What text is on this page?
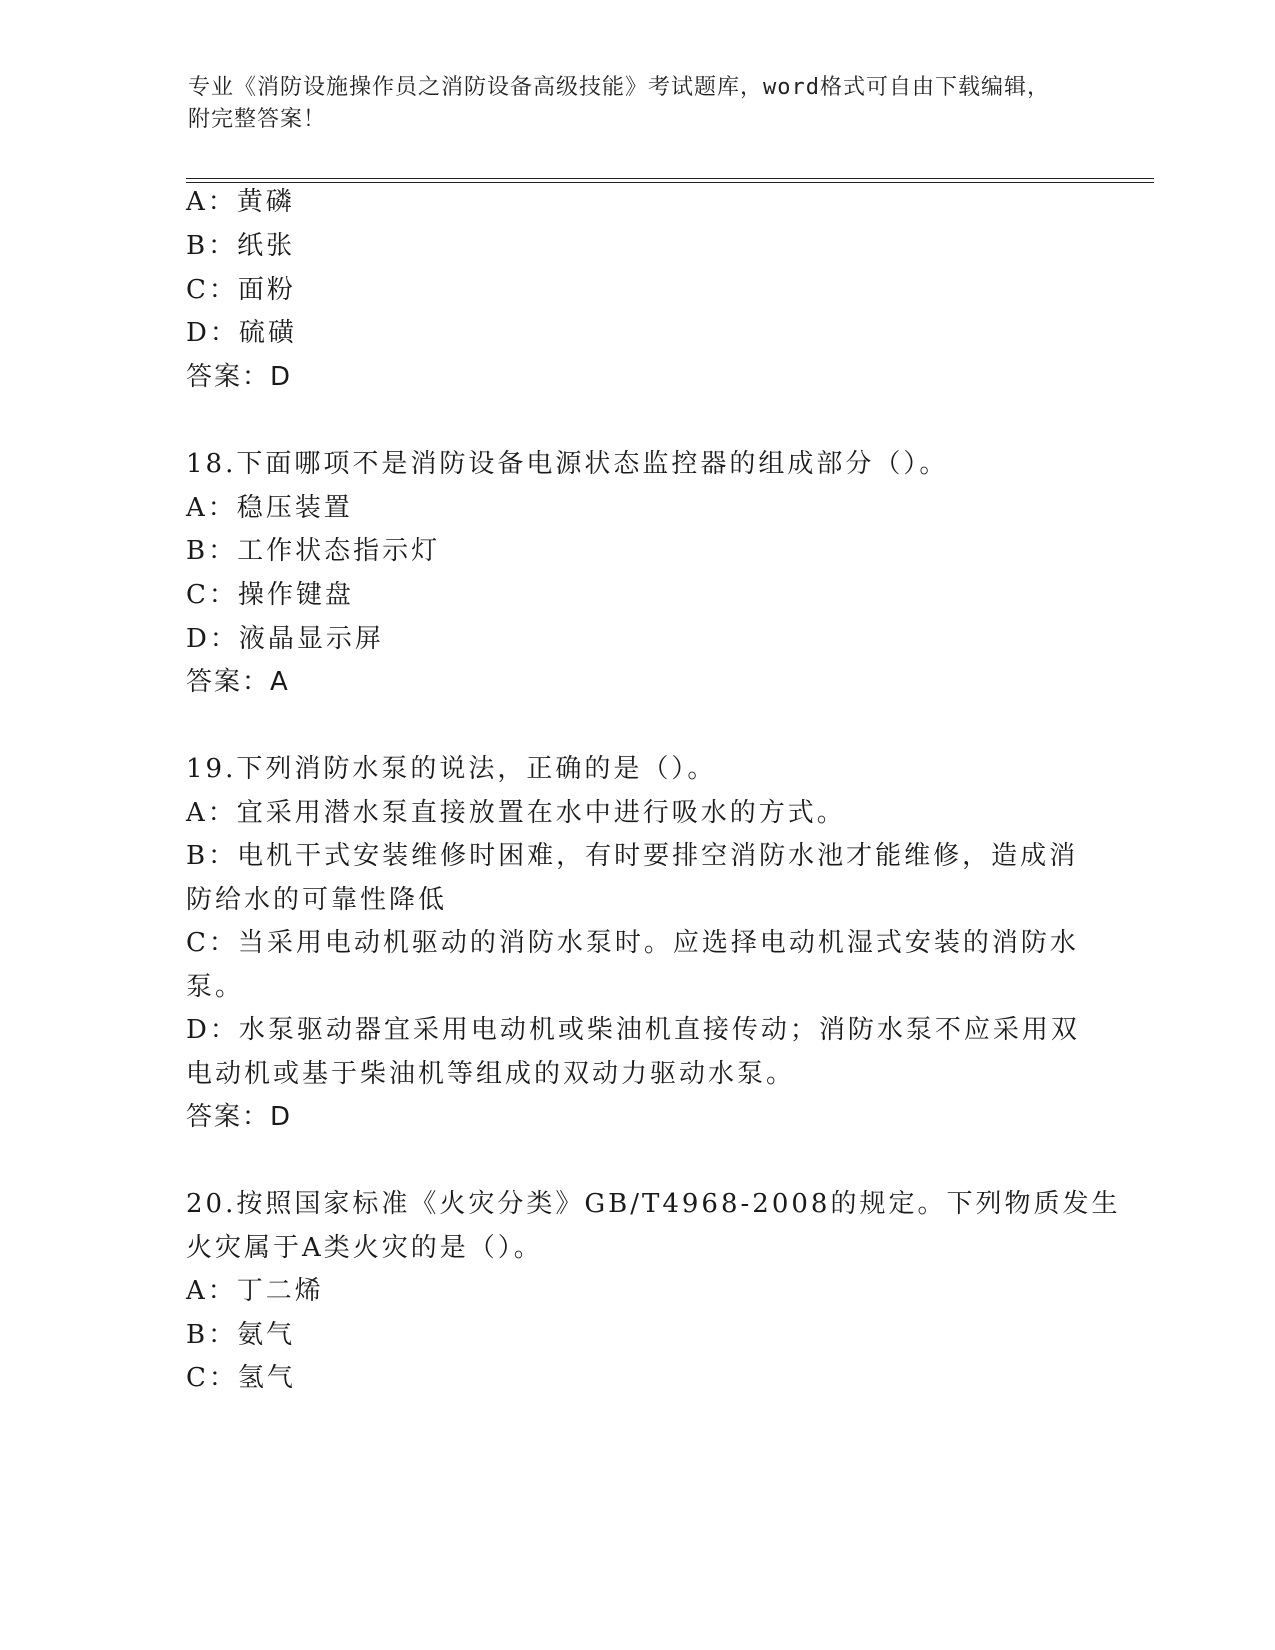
专业《消防设施操作员之消防设备高级技能》考试题库，word格式可自由下载编辑，附完整答案！
A：黄磷
B：纸张
C：面粉
D：硫磺
答案：D
18.下面哪项不是消防设备电源状态监控器的组成部分（）。
A：稳压装置
B：工作状态指示灯
C：操作键盘
D：液晶显示屏
答案：A
19.下列消防水泵的说法，正确的是（）。
A：宜采用潜水泵直接放置在水中进行吸水的方式。
B：电机干式安装维修时困难，有时要排空消防水池才能维修，造成消
防给水的可靠性降低
C：当采用电动机驱动的消防水泵时。应选择电动机湿式安装的消防水
泵。
D：水泵驱动器宜采用电动机或柴油机直接传动；消防水泵不应采用双
电动机或基于柴油机等组成的双动力驱动水泵。
答案：D
20.按照国家标准《火灾分类》GB/T4968-2008的规定。下列物质发生
火灾属于A类火灾的是（）。
A：丁二烯
B：氨气
C：氢气
